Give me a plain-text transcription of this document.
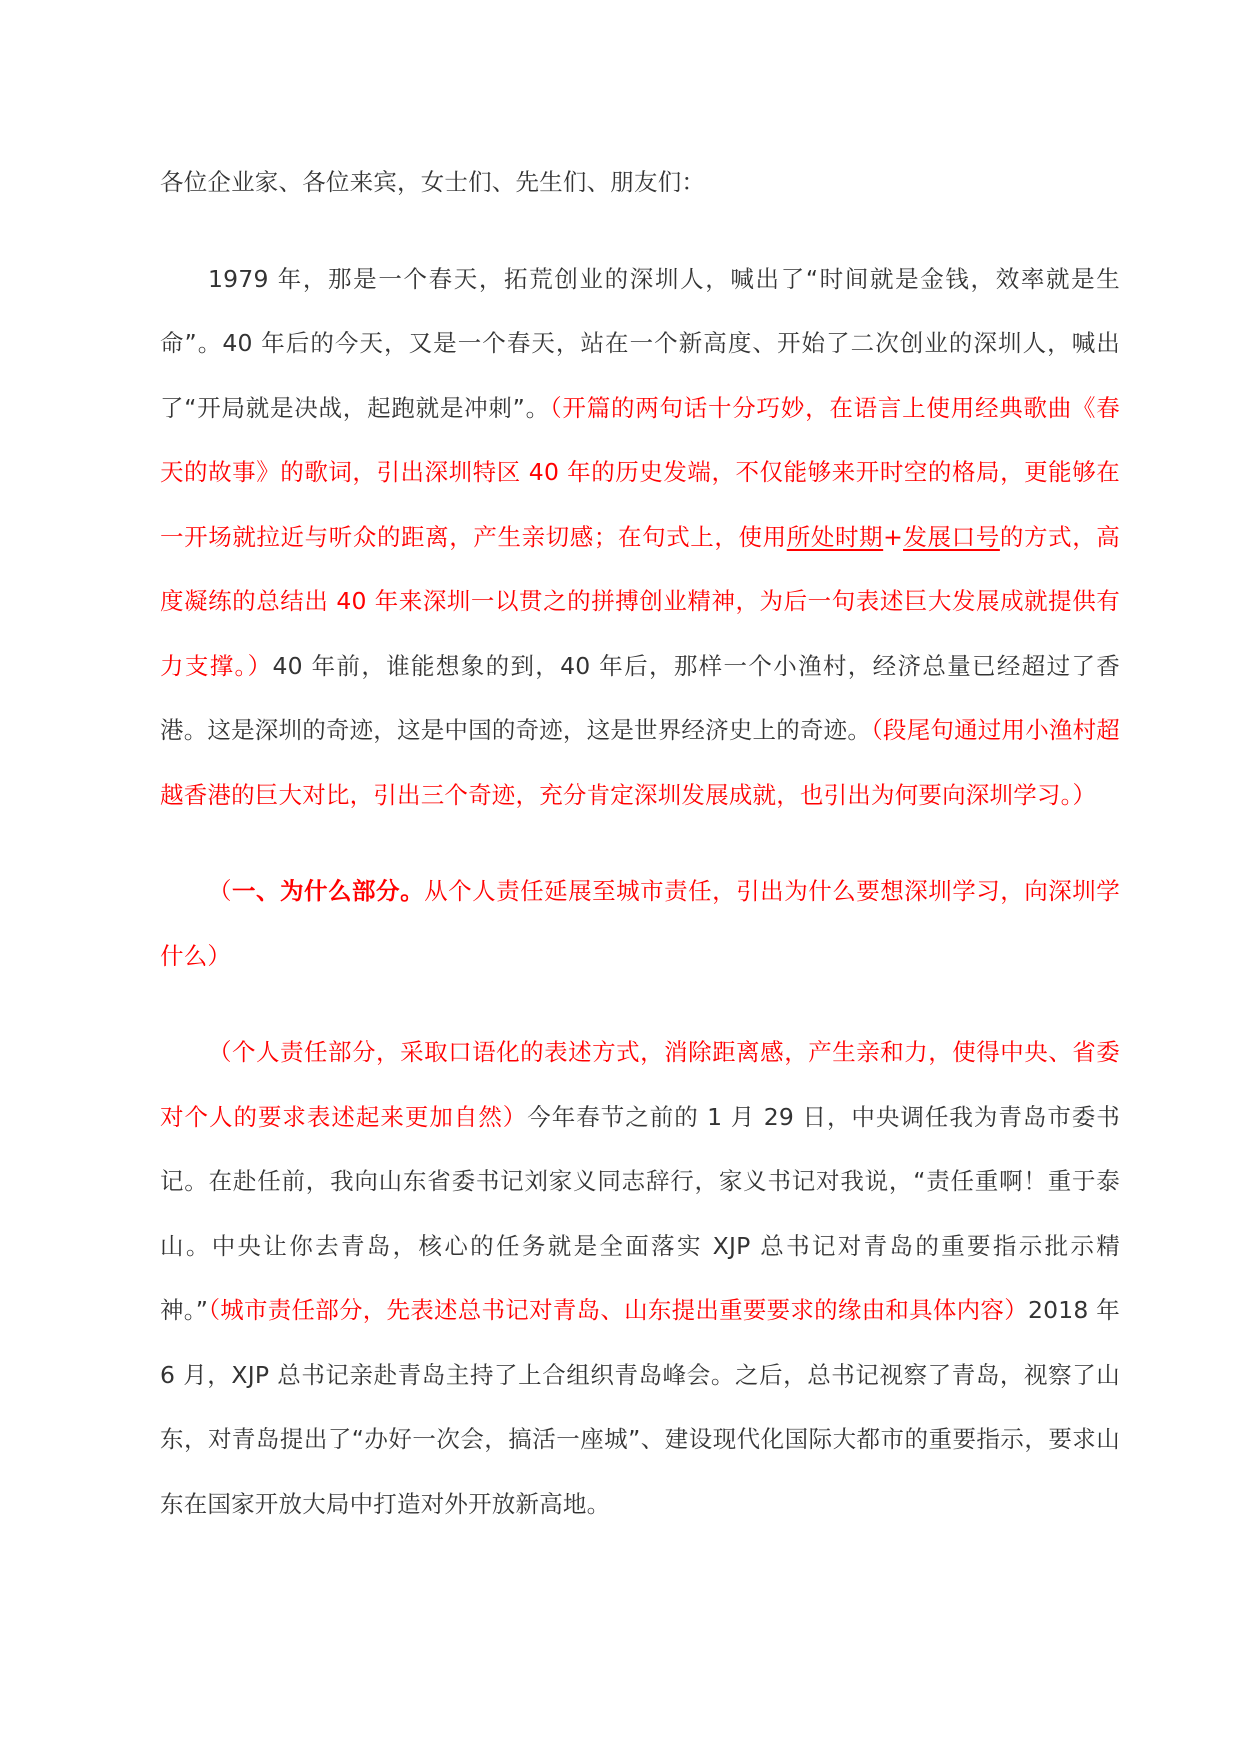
各位企业家、各位来宾，女士们、先生们、朋友们：

1979 年，那是一个春天，拓荒创业的深圳人，喊出了“时间就是金钱，效率就是生命”。40 年后的今天，又是一个春天，站在一个新高度、开始了二次创业的深圳人，喊出了“开局就是决战，起跑就是冲刺”。（开篇的两句话十分巧妙，在语言上使用经典歌曲《春天的故事》的歌词，引出深圳特区 40 年的历史发端，不仅能够来开时空的格局，更能够在一开场就拉近与听众的距离，产生亲切感；在句式上，使用所处时期+发展口号的方式，高度凝练的总结出 40 年来深圳一以贯之的拼搏创业精神，为后一句表述巨大发展成就提供有力支撑。）40 年前，谁能想象的到，40 年后，那样一个小渔村，经济总量已经超过了香港。这是深圳的奇迹，这是中国的奇迹，这是世界经济史上的奇迹。（段尾句通过用小渔村超越香港的巨大对比，引出三个奇迹，充分肯定深圳发展成就，也引出为何要向深圳学习。）

（一、为什么部分。从个人责任延展至城市责任，引出为什么要想深圳学习，向深圳学什么）

（个人责任部分，采取口语化的表述方式，消除距离感，产生亲和力，使得中央、省委对个人的要求表述起来更加自然）今年春节之前的 1 月 29 日，中央调任我为青岛市委书记。在赴任前，我向山东省委书记刘家义同志辞行，家义书记对我说，“责任重啊！重于泰山。中央让你去青岛，核心的任务就是全面落实 XJP 总书记对青岛的重要指示批示精神。”（城市责任部分，先表述总书记对青岛、山东提出重要要求的缘由和具体内容）2018 年 6 月，XJP 总书记亲赴青岛主持了上合组织青岛峰会。之后，总书记视察了青岛，视察了山东，对青岛提出了“办好一次会，搞活一座城”、建设现代化国际大都市的重要指示，要求山东在国家开放大局中打造对外开放新高地。
